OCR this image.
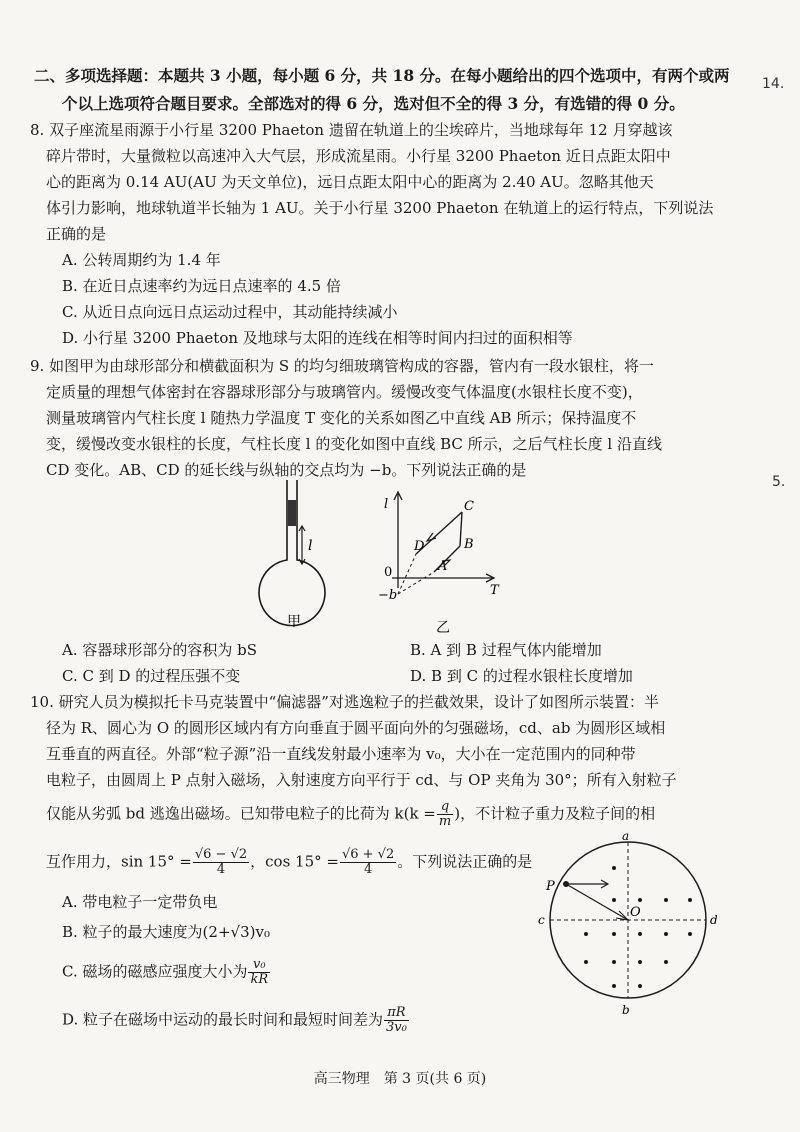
14.
5.
二、多项选择题：本题共 3 小题，每小题 6 分，共 18 分。在每小题给出的四个选项中，有两个或两
个以上选项符合题目要求。全部选对的得 6 分，选对但不全的得 3 分，有选错的得 0 分。
8. 双子座流星雨源于小行星 3200 Phaeton 遗留在轨道上的尘埃碎片，当地球每年 12 月穿越该
碎片带时，大量微粒以高速冲入大气层，形成流星雨。小行星 3200 Phaeton 近日点距太阳中
心的距离为 0.14 AU(AU 为天文单位)，远日点距太阳中心的距离为 2.40 AU。忽略其他天
体引力影响，地球轨道半长轴为 1 AU。关于小行星 3200 Phaeton 在轨道上的运行特点，下列说法
正确的是
A. 公转周期约为 1.4 年
B. 在近日点速率约为远日点速率的 4.5 倍
C. 从近日点向远日点运动过程中，其动能持续减小
D. 小行星 3200 Phaeton 及地球与太阳的连线在相等时间内扫过的面积相等
9. 如图甲为由球形部分和横截面积为 S 的均匀细玻璃管构成的容器，管内有一段水银柱，将一
定质量的理想气体密封在容器球形部分与玻璃管内。缓慢改变气体温度(水银柱长度不变)，
测量玻璃管内气柱长度 l 随热力学温度 T 变化的关系如图乙中直线 AB 所示；保持温度不
变，缓慢改变水银柱的长度，气柱长度 l 的变化如图中直线 BC 所示，之后气柱长度 l 沿直线
CD 变化。AB、CD 的延长线与纵轴的交点均为 −b。下列说法正确的是
l
甲
l
T
0
−b
A
B
C
D
乙
A. 容器球形部分的容积为 bS	B. A 到 B 过程气体内能增加
C. C 到 D 的过程压强不变	D. B 到 C 的过程水银柱长度增加
10. 研究人员为模拟托卡马克装置中“偏滤器”对逃逸粒子的拦截效果，设计了如图所示装置：半
径为 R、圆心为 O 的圆形区域内有方向垂直于圆平面向外的匀强磁场，cd、ab 为圆形区域相
互垂直的两直径。外部“粒子源”沿一直线发射最小速率为 v₀，大小在一定范围内的同种带
电粒子，由圆周上 P 点射入磁场，入射速度方向平行于 cd、与 OP 夹角为 30°；所有入射粒子
仅能从劣弧 bd 逃逸出磁场。已知带电粒子的比荷为 $k(k = \frac{q}{m}$ )，不计粒子重力及粒子间的相
互作用力，$\sin 15^\circ = \frac{√6 - √2}{4}$ ，$\cos 15^\circ = \frac{√6 + √2}{4}$ 。下列说法正确的是
A. 带电粒子一定带负电
B. 粒子的最大速度为(2+√3)v₀
C. 磁场的磁感应强度大小为 $\frac{\text{v₀}}{kR}$
D. 粒子在磁场中运动的最长时间和最短时间差为 $\frac{\pi R}{\text{3v₀}}$
a
b
c	d
P
O
高三物理　第 3 页(共 6 页)
